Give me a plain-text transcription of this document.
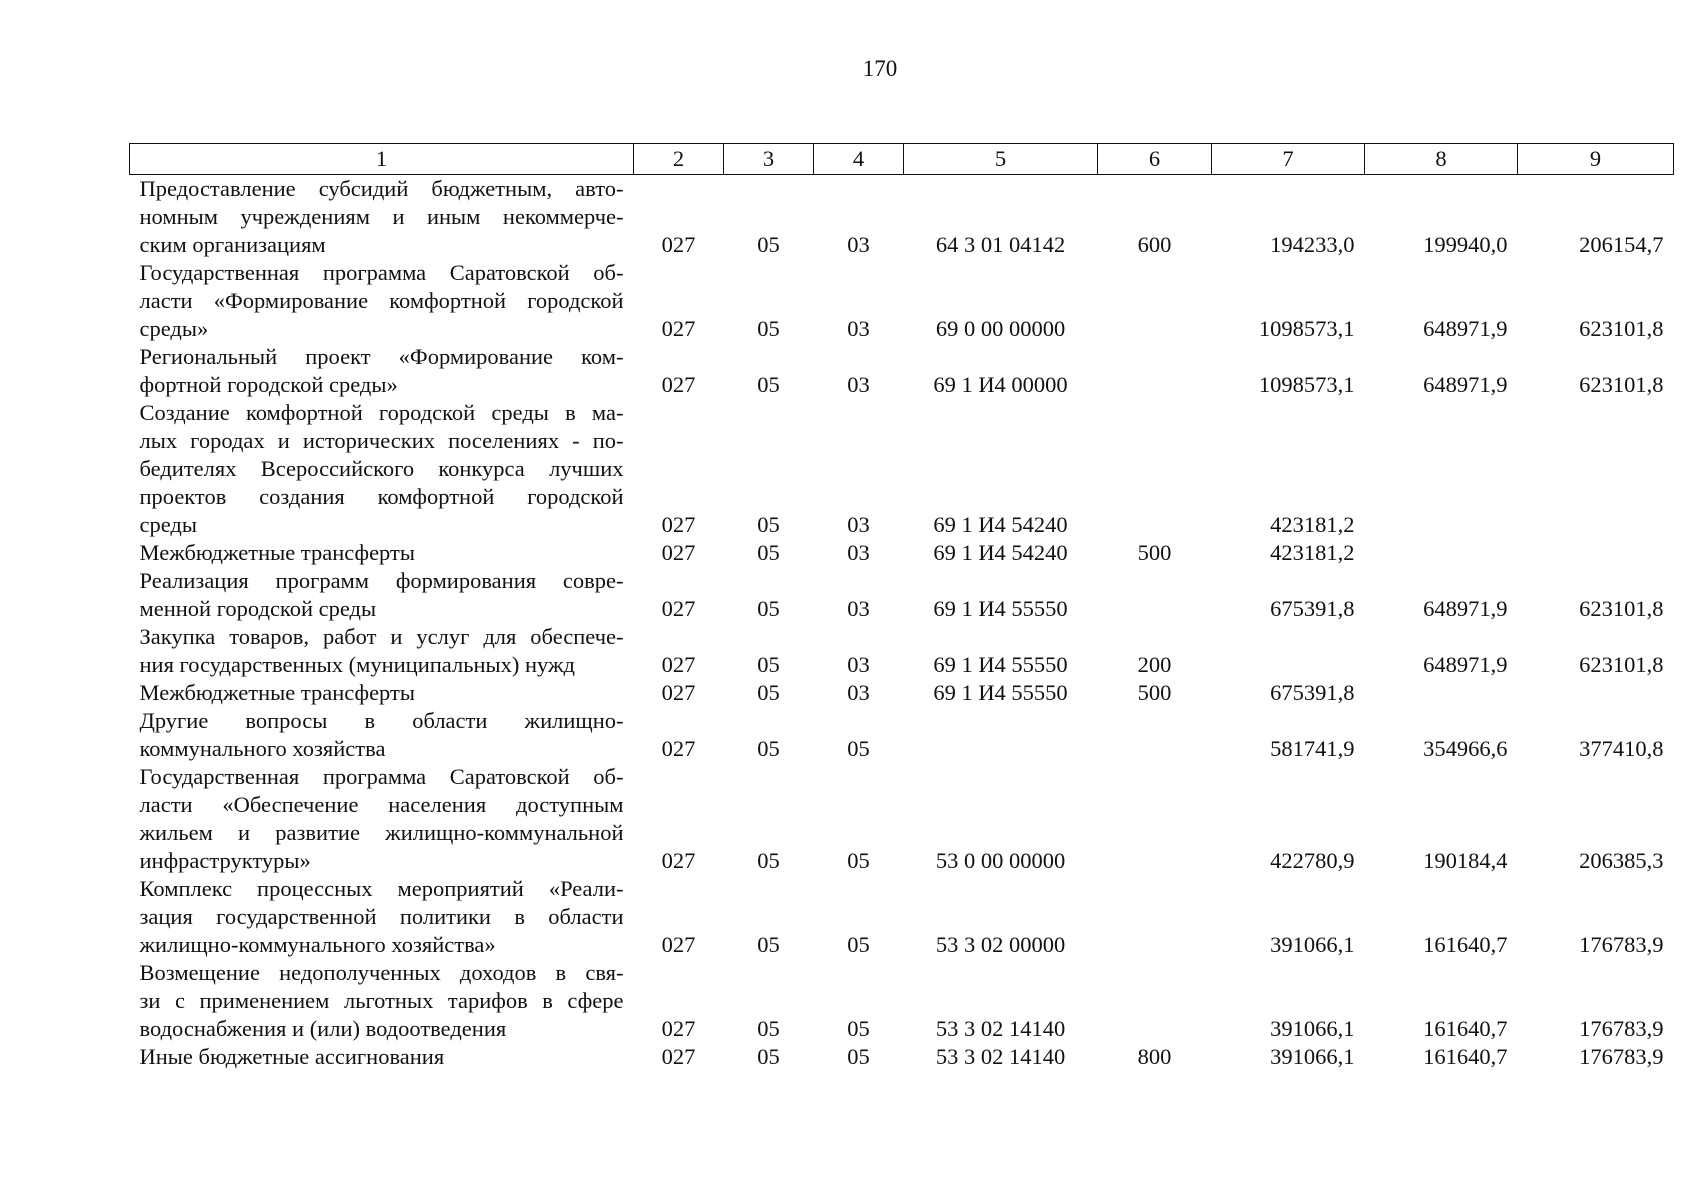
170
1	2	3	4	5	6	7	8	9

Предоставление субсидий бюджетным, авто-
номным учреждениям и иным некоммерче-
ским организациям	027	05	03	64 3 01 04142	600	194233,0	199940,0	206154,7

Государственная программа Саратовской об-
ласти «Формирование комфортной городской
среды»	027	05	03	69 0 00 00000		1098573,1	648971,9	623101,8

Региональный проект «Формирование ком-
фортной городской среды»	027	05	03	69 1 И4 00000		1098573,1	648971,9	623101,8

Создание комфортной городской среды в ма-
лых городах и исторических поселениях - по-
бедителях Всероссийского конкурса лучших
проектов создания комфортной городской
среды	027	05	03	69 1 И4 54240		423181,2		

Межбюджетные трансферты	027	05	03	69 1 И4 54240	500	423181,2		

Реализация программ формирования совре-
менной городской среды	027	05	03	69 1 И4 55550		675391,8	648971,9	623101,8

Закупка товаров, работ и услуг для обеспече-
ния государственных (муниципальных) нужд	027	05	03	69 1 И4 55550	200		648971,9	623101,8

Межбюджетные трансферты	027	05	03	69 1 И4 55550	500	675391,8		

Другие вопросы в области жилищно-
коммунального хозяйства	027	05	05			581741,9	354966,6	377410,8

Государственная программа Саратовской об-
ласти «Обеспечение населения доступным
жильем и развитие жилищно-коммунальной
инфраструктуры»	027	05	05	53 0 00 00000		422780,9	190184,4	206385,3

Комплекс процессных мероприятий «Реали-
зация государственной политики в области
жилищно-коммунального хозяйства»	027	05	05	53 3 02 00000		391066,1	161640,7	176783,9

Возмещение недополученных доходов в свя-
зи с применением льготных тарифов в сфере
водоснабжения и (или) водоотведения	027	05	05	53 3 02 14140		391066,1	161640,7	176783,9

Иные бюджетные ассигнования	027	05	05	53 3 02 14140	800	391066,1	161640,7	176783,9
